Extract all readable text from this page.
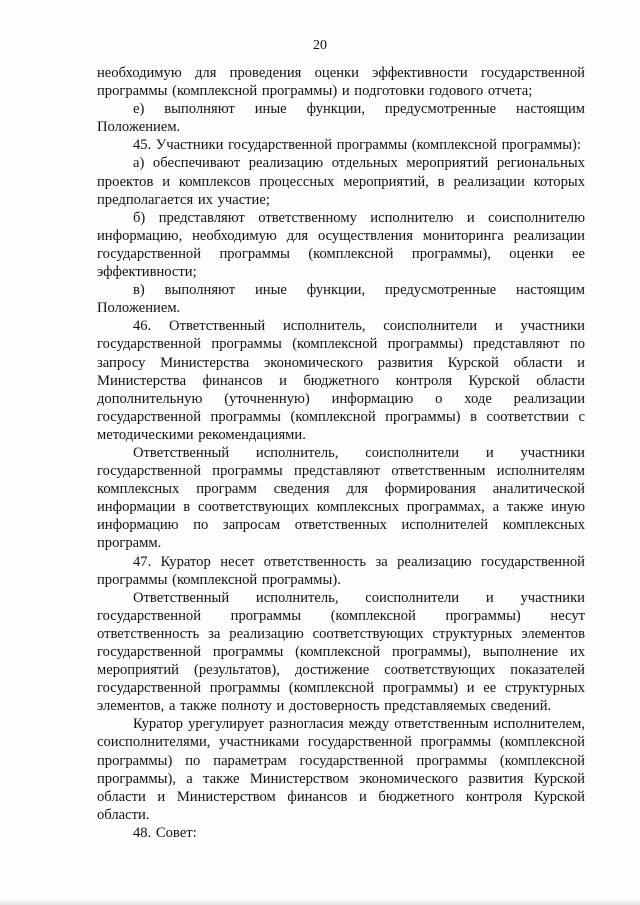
20

необходимую для проведения оценки эффективности государственной программы (комплексной программы) и подготовки годового отчета;

е) выполняют иные функции, предусмотренные настоящим Положением.

45. Участники государственной программы (комплексной программы):

а) обеспечивают реализацию отдельных мероприятий региональных проектов и комплексов процессных мероприятий, в реализации которых предполагается их участие;

б) представляют ответственному исполнителю и соисполнителю информацию, необходимую для осуществления мониторинга реализации государственной программы (комплексной программы), оценки ее эффективности;

в) выполняют иные функции, предусмотренные настоящим Положением.

46. Ответственный исполнитель, соисполнители и участники государственной программы (комплексной программы) представляют по запросу Министерства экономического развития Курской области и Министерства финансов и бюджетного контроля Курской области дополнительную (уточненную) информацию о ходе реализации государственной программы (комплексной программы) в соответствии с методическими рекомендациями.

Ответственный исполнитель, соисполнители и участники государственной программы представляют ответственным исполнителям комплексных программ сведения для формирования аналитической информации в соответствующих комплексных программах, а также иную информацию по запросам ответственных исполнителей комплексных программ.

47. Куратор несет ответственность за реализацию государственной программы (комплексной программы).

Ответственный исполнитель, соисполнители и участники государственной программы (комплексной программы) несут ответственность за реализацию соответствующих структурных элементов государственной программы (комплексной программы), выполнение их мероприятий (результатов), достижение соответствующих показателей государственной программы (комплексной программы) и ее структурных элементов, а также полноту и достоверность представляемых сведений.

Куратор урегулирует разногласия между ответственным исполнителем, соисполнителями, участниками государственной программы (комплексной программы) по параметрам государственной программы (комплексной программы), а также Министерством экономического развития Курской области и Министерством финансов и бюджетного контроля Курской области.

48. Совет:
